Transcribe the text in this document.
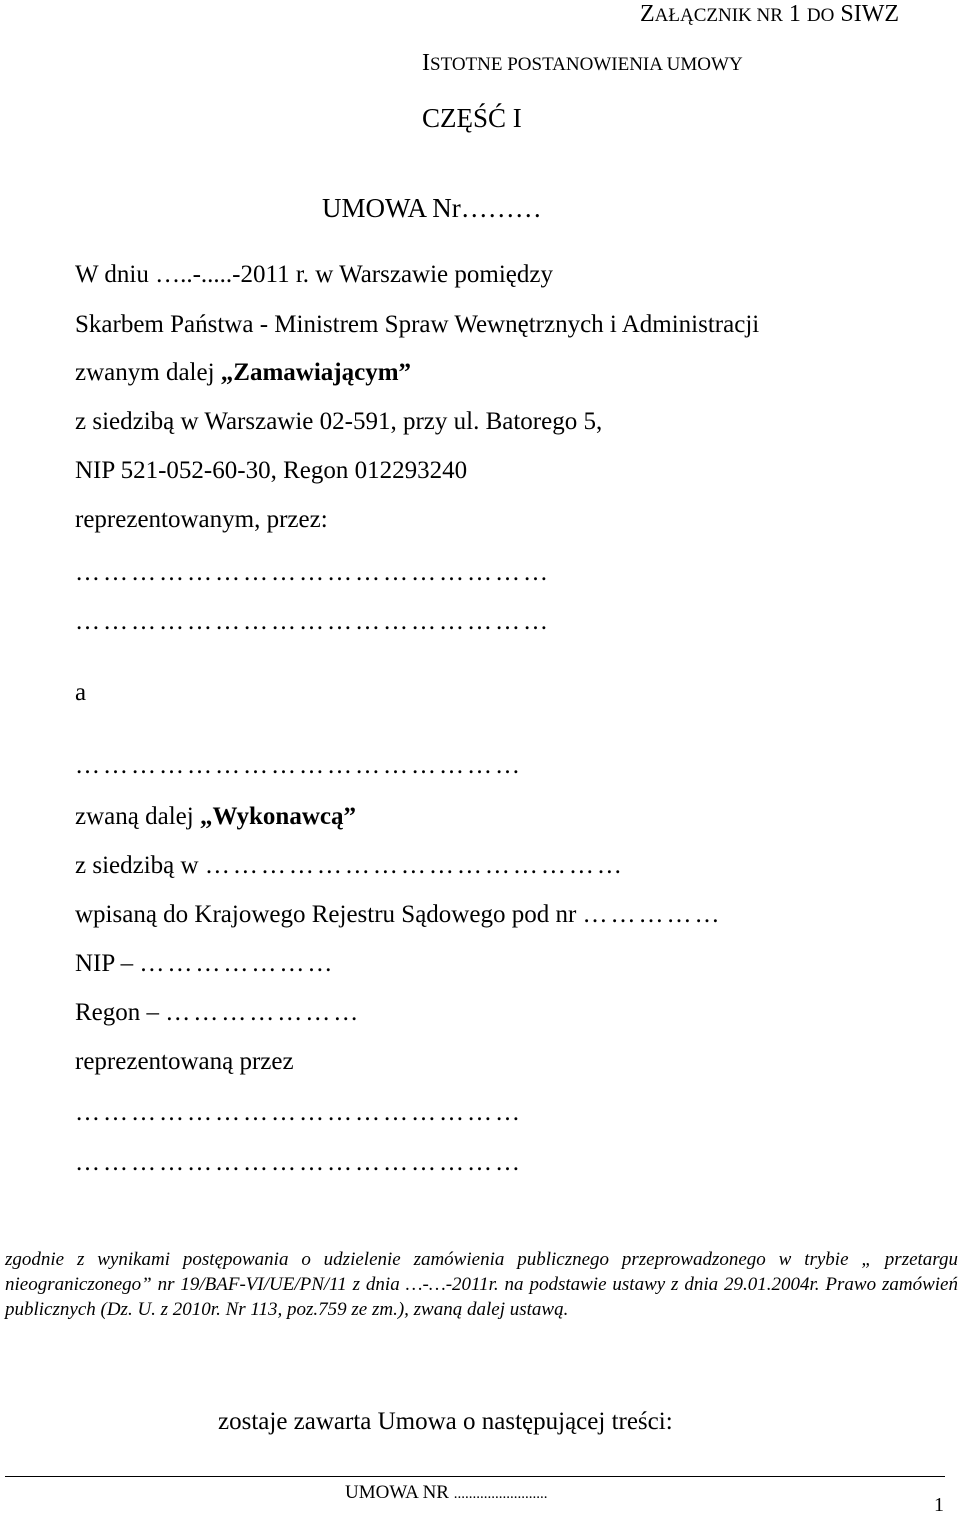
ZAŁĄCZNIK NR 1 DO SIWZ
ISTOTNE POSTANOWIENIA UMOWY
CZĘŚĆ I
UMOWA Nr………
W dniu …..-.....-2011 r. w Warszawie pomiędzy
Skarbem Państwa - Ministrem Spraw Wewnętrznych i Administracji
zwanym dalej „Zamawiającym”
z siedzibą w Warszawie 02-591, przy ul. Batorego 5,
NIP 521-052-60-30, Regon 012293240
reprezentowanym, przez:
……………………………………………
……………………………………………
a
…………………………………………
zwaną dalej „Wykonawcą”
z siedzibą w ………………………………………
wpisaną do Krajowego Rejestru Sądowego pod nr ……………
NIP – …………………
Regon – …………………
reprezentowaną przez
…………………………………………
…………………………………………
zgodnie z wynikami postępowania o udzielenie zamówienia publicznego przeprowadzonego w trybie „ przetargu nieograniczonego” nr 19/BAF-VI/UE/PN/11 z dnia …-…-2011r. na podstawie ustawy z dnia 29.01.2004r. Prawo zamówień publicznych (Dz. U. z 2010r. Nr 113, poz.759 ze zm.), zwaną dalej ustawą.
zostaje zawarta Umowa o następującej treści:
UMOWA NR .........................	1
